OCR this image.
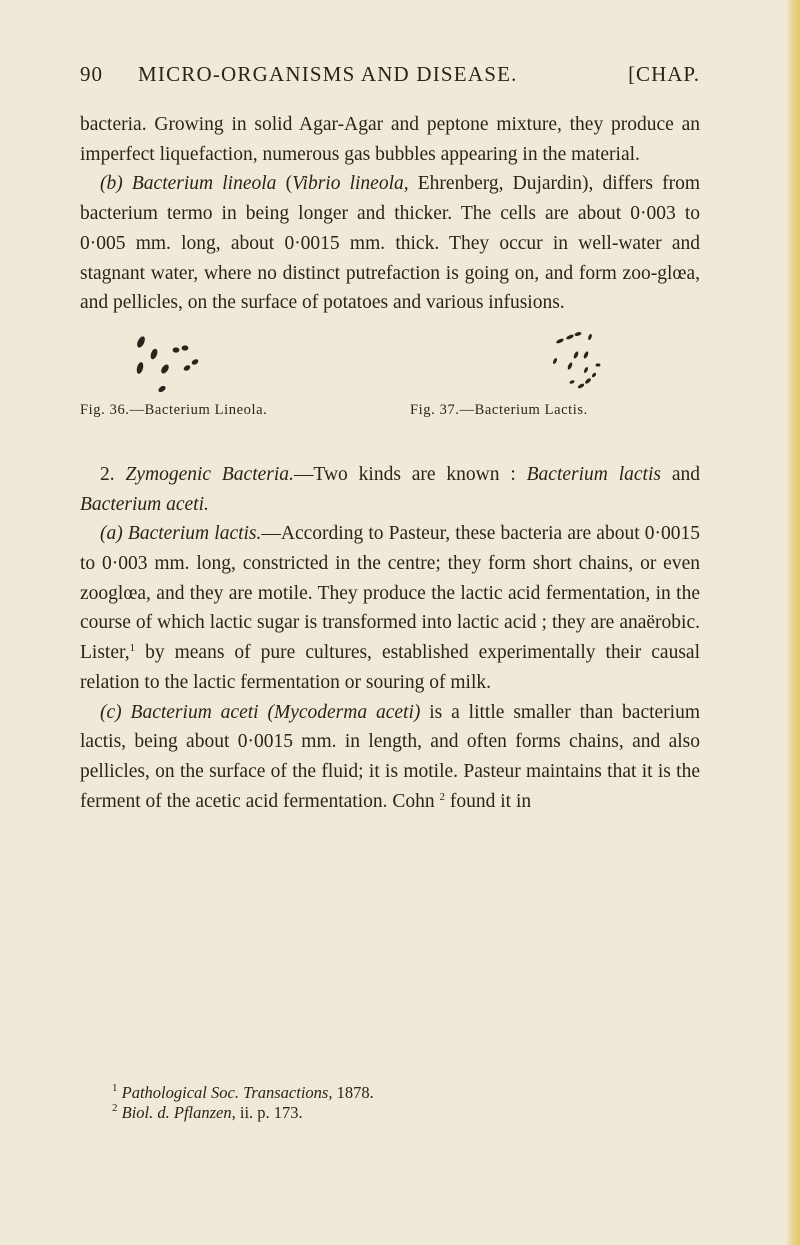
90 MICRO-ORGANISMS AND DISEASE.	[CHAP.

bacteria. Growing in solid Agar-Agar and peptone mixture, they produce an imperfect liquefaction, numerous gas bubbles appearing in the material.

(b) Bacterium lineola (Vibrio lineola, Ehrenberg, Dujardin), differs from bacterium termo in being longer and thicker. The cells are about 0·003 to 0·005 mm. long, about 0·0015 mm. thick. They occur in well-water and stagnant water, where no distinct putrefaction is going on, and form zoo-glœa, and pellicles, on the surface of potatoes and various infusions.

Fig. 36.—Bacterium Lineola.	Fig. 37.—Bacterium Lactis.

2. Zymogenic Bacteria.—Two kinds are known : Bacterium lactis and Bacterium aceti.

(a) Bacterium lactis.—According to Pasteur, these bacteria are about 0·0015 to 0·003 mm. long, constricted in the centre; they form short chains, or even zooglœa, and they are motile. They produce the lactic acid fermentation, in the course of which lactic sugar is transformed into lactic acid ; they are anaërobic. Lister,$^1$ by means of pure cultures, established experimentally their causal relation to the lactic fermentation or souring of milk.

(c) Bacterium aceti (Mycoderma aceti) is a little smaller than bacterium lactis, being about 0·0015 mm. in length, and often forms chains, and also pellicles, on the surface of the fluid; it is motile. Pasteur maintains that it is the ferment of the acetic acid fermentation. Cohn $^2$ found it in

$^1$ Pathological Soc. Transactions, 1878.
$^2$ Biol. d. Pflanzen, ii. p. 173.
